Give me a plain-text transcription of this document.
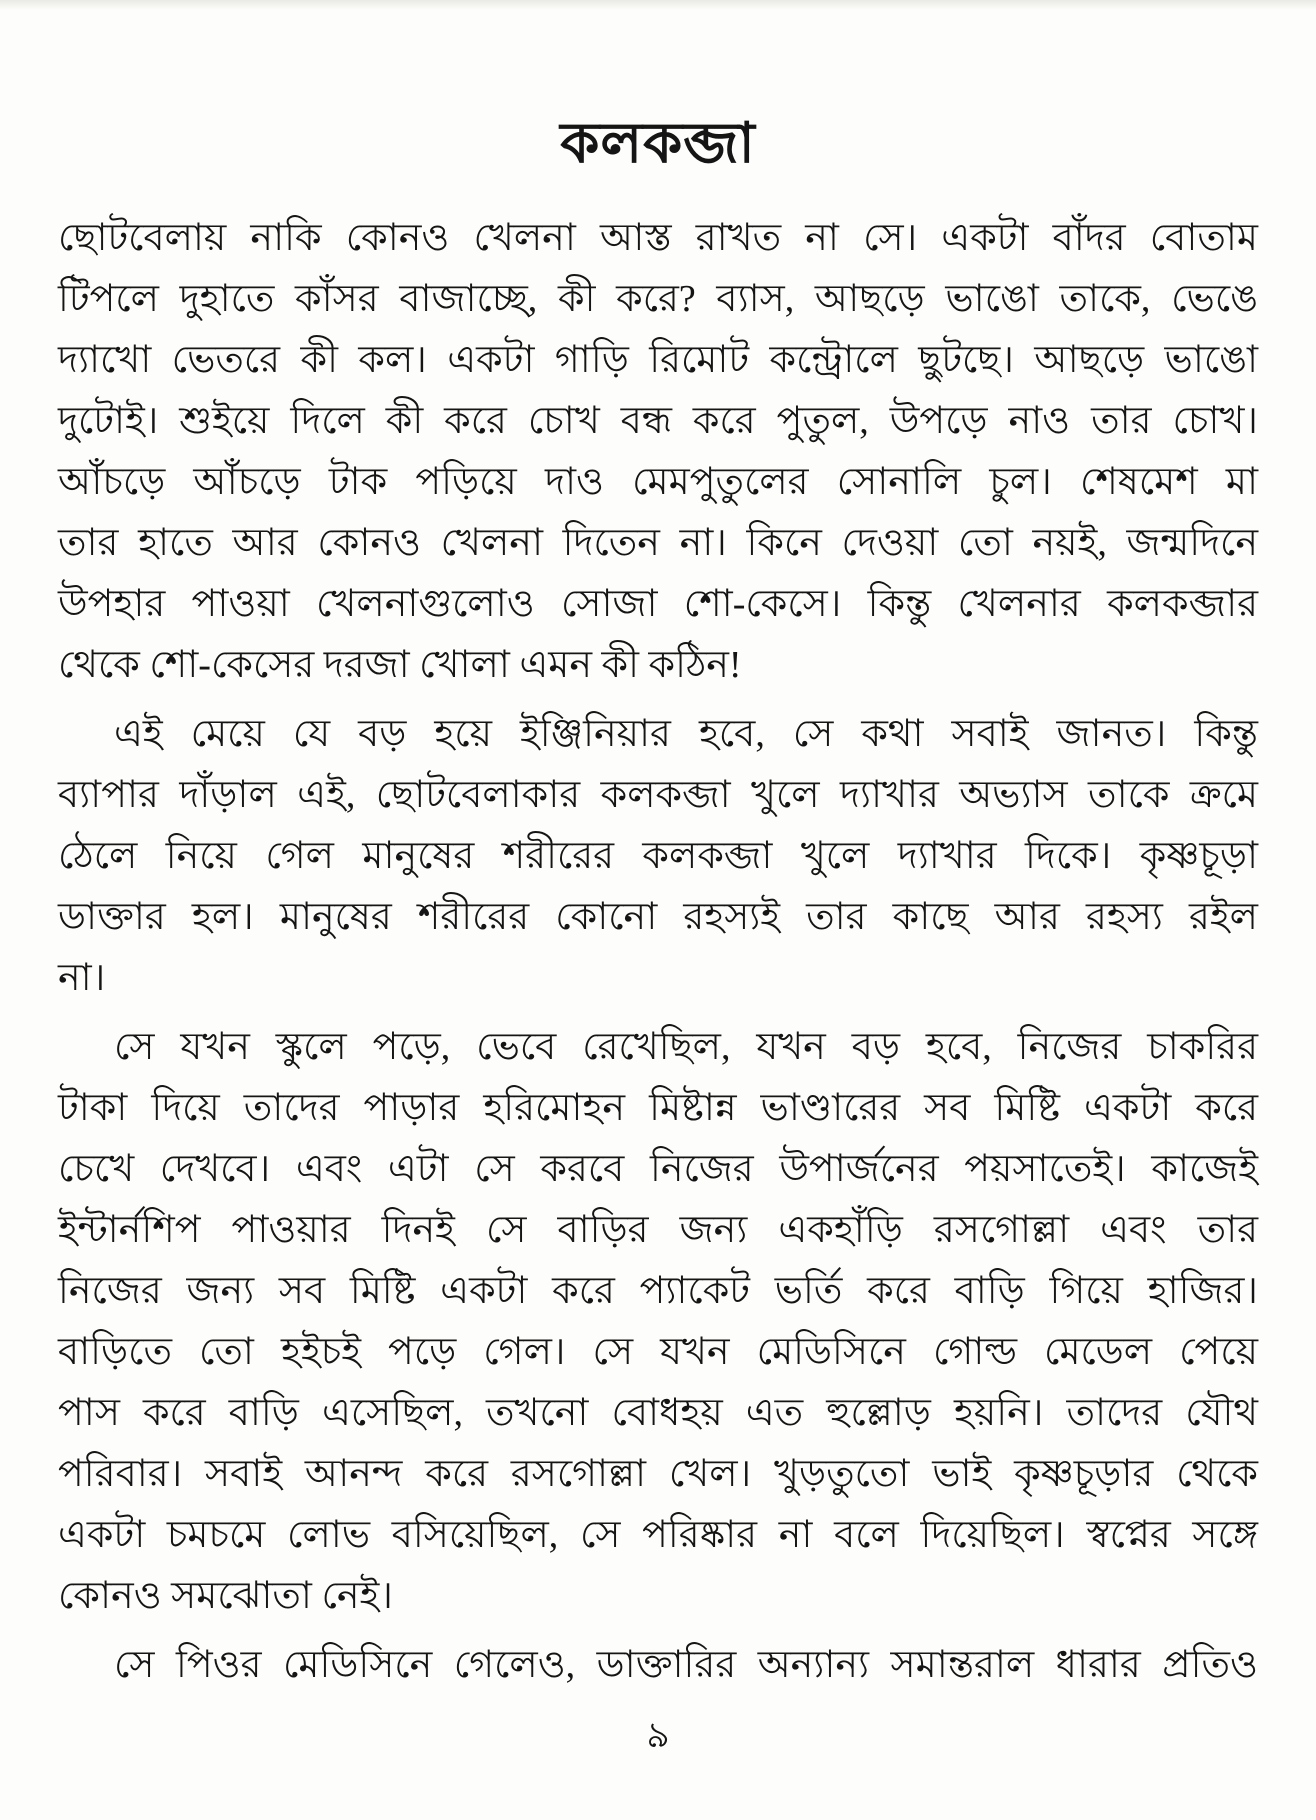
কলকব্জা
ছোটবেলায় নাকি কোনও খেলনা আস্ত রাখত না সে। একটা বাঁদর বোতাম
টিপলে দুহাতে কাঁসর বাজাচ্ছে, কী করে? ব্যাস, আছড়ে ভাঙো তাকে, ভেঙে
দ্যাখো ভেতরে কী কল। একটা গাড়ি রিমোট কন্ট্রোলে ছুটছে। আছড়ে ভাঙো
দুটোই। শুইয়ে দিলে কী করে চোখ বন্ধ করে পুতুল, উপড়ে নাও তার চোখ।
আঁচড়ে আঁচড়ে টাক পড়িয়ে দাও মেমপুতুলের সোনালি চুল। শেষমেশ মা
তার হাতে আর কোনও খেলনা দিতেন না। কিনে দেওয়া তো নয়ই, জন্মদিনে
উপহার পাওয়া খেলনাগুলোও সোজা শো-কেসে। কিন্তু খেলনার কলকব্জার
থেকে শো-কেসের দরজা খোলা এমন কী কঠিন!
এই মেয়ে যে বড় হয়ে ইঞ্জিনিয়ার হবে, সে কথা সবাই জানত। কিন্তু
ব্যাপার দাঁড়াল এই, ছোটবেলাকার কলকব্জা খুলে দ্যাখার অভ্যাস তাকে ক্রমে
ঠেলে নিয়ে গেল মানুষের শরীরের কলকব্জা খুলে দ্যাখার দিকে। কৃষ্ণচূড়া
ডাক্তার হল। মানুষের শরীরের কোনো রহস্যই তার কাছে আর রহস্য রইল
না।
সে যখন স্কুলে পড়ে, ভেবে রেখেছিল, যখন বড় হবে, নিজের চাকরির
টাকা দিয়ে তাদের পাড়ার হরিমোহন মিষ্টান্ন ভাণ্ডারের সব মিষ্টি একটা করে
চেখে দেখবে। এবং এটা সে করবে নিজের উপার্জনের পয়সাতেই। কাজেই
ইন্টার্নশিপ পাওয়ার দিনই সে বাড়ির জন্য একহাঁড়ি রসগোল্লা এবং তার
নিজের জন্য সব মিষ্টি একটা করে প্যাকেট ভর্তি করে বাড়ি গিয়ে হাজির।
বাড়িতে তো হইচই পড়ে গেল। সে যখন মেডিসিনে গোল্ড মেডেল পেয়ে
পাস করে বাড়ি এসেছিল, তখনো বোধহয় এত হুল্লোড় হয়নি। তাদের যৌথ
পরিবার। সবাই আনন্দ করে রসগোল্লা খেল। খুড়তুতো ভাই কৃষ্ণচূড়ার থেকে
একটা চমচমে লোভ বসিয়েছিল, সে পরিষ্কার না বলে দিয়েছিল। স্বপ্নের সঙ্গে
কোনও সমঝোতা নেই।
সে পিওর মেডিসিনে গেলেও, ডাক্তারির অন্যান্য সমান্তরাল ধারার প্রতিও
৯
